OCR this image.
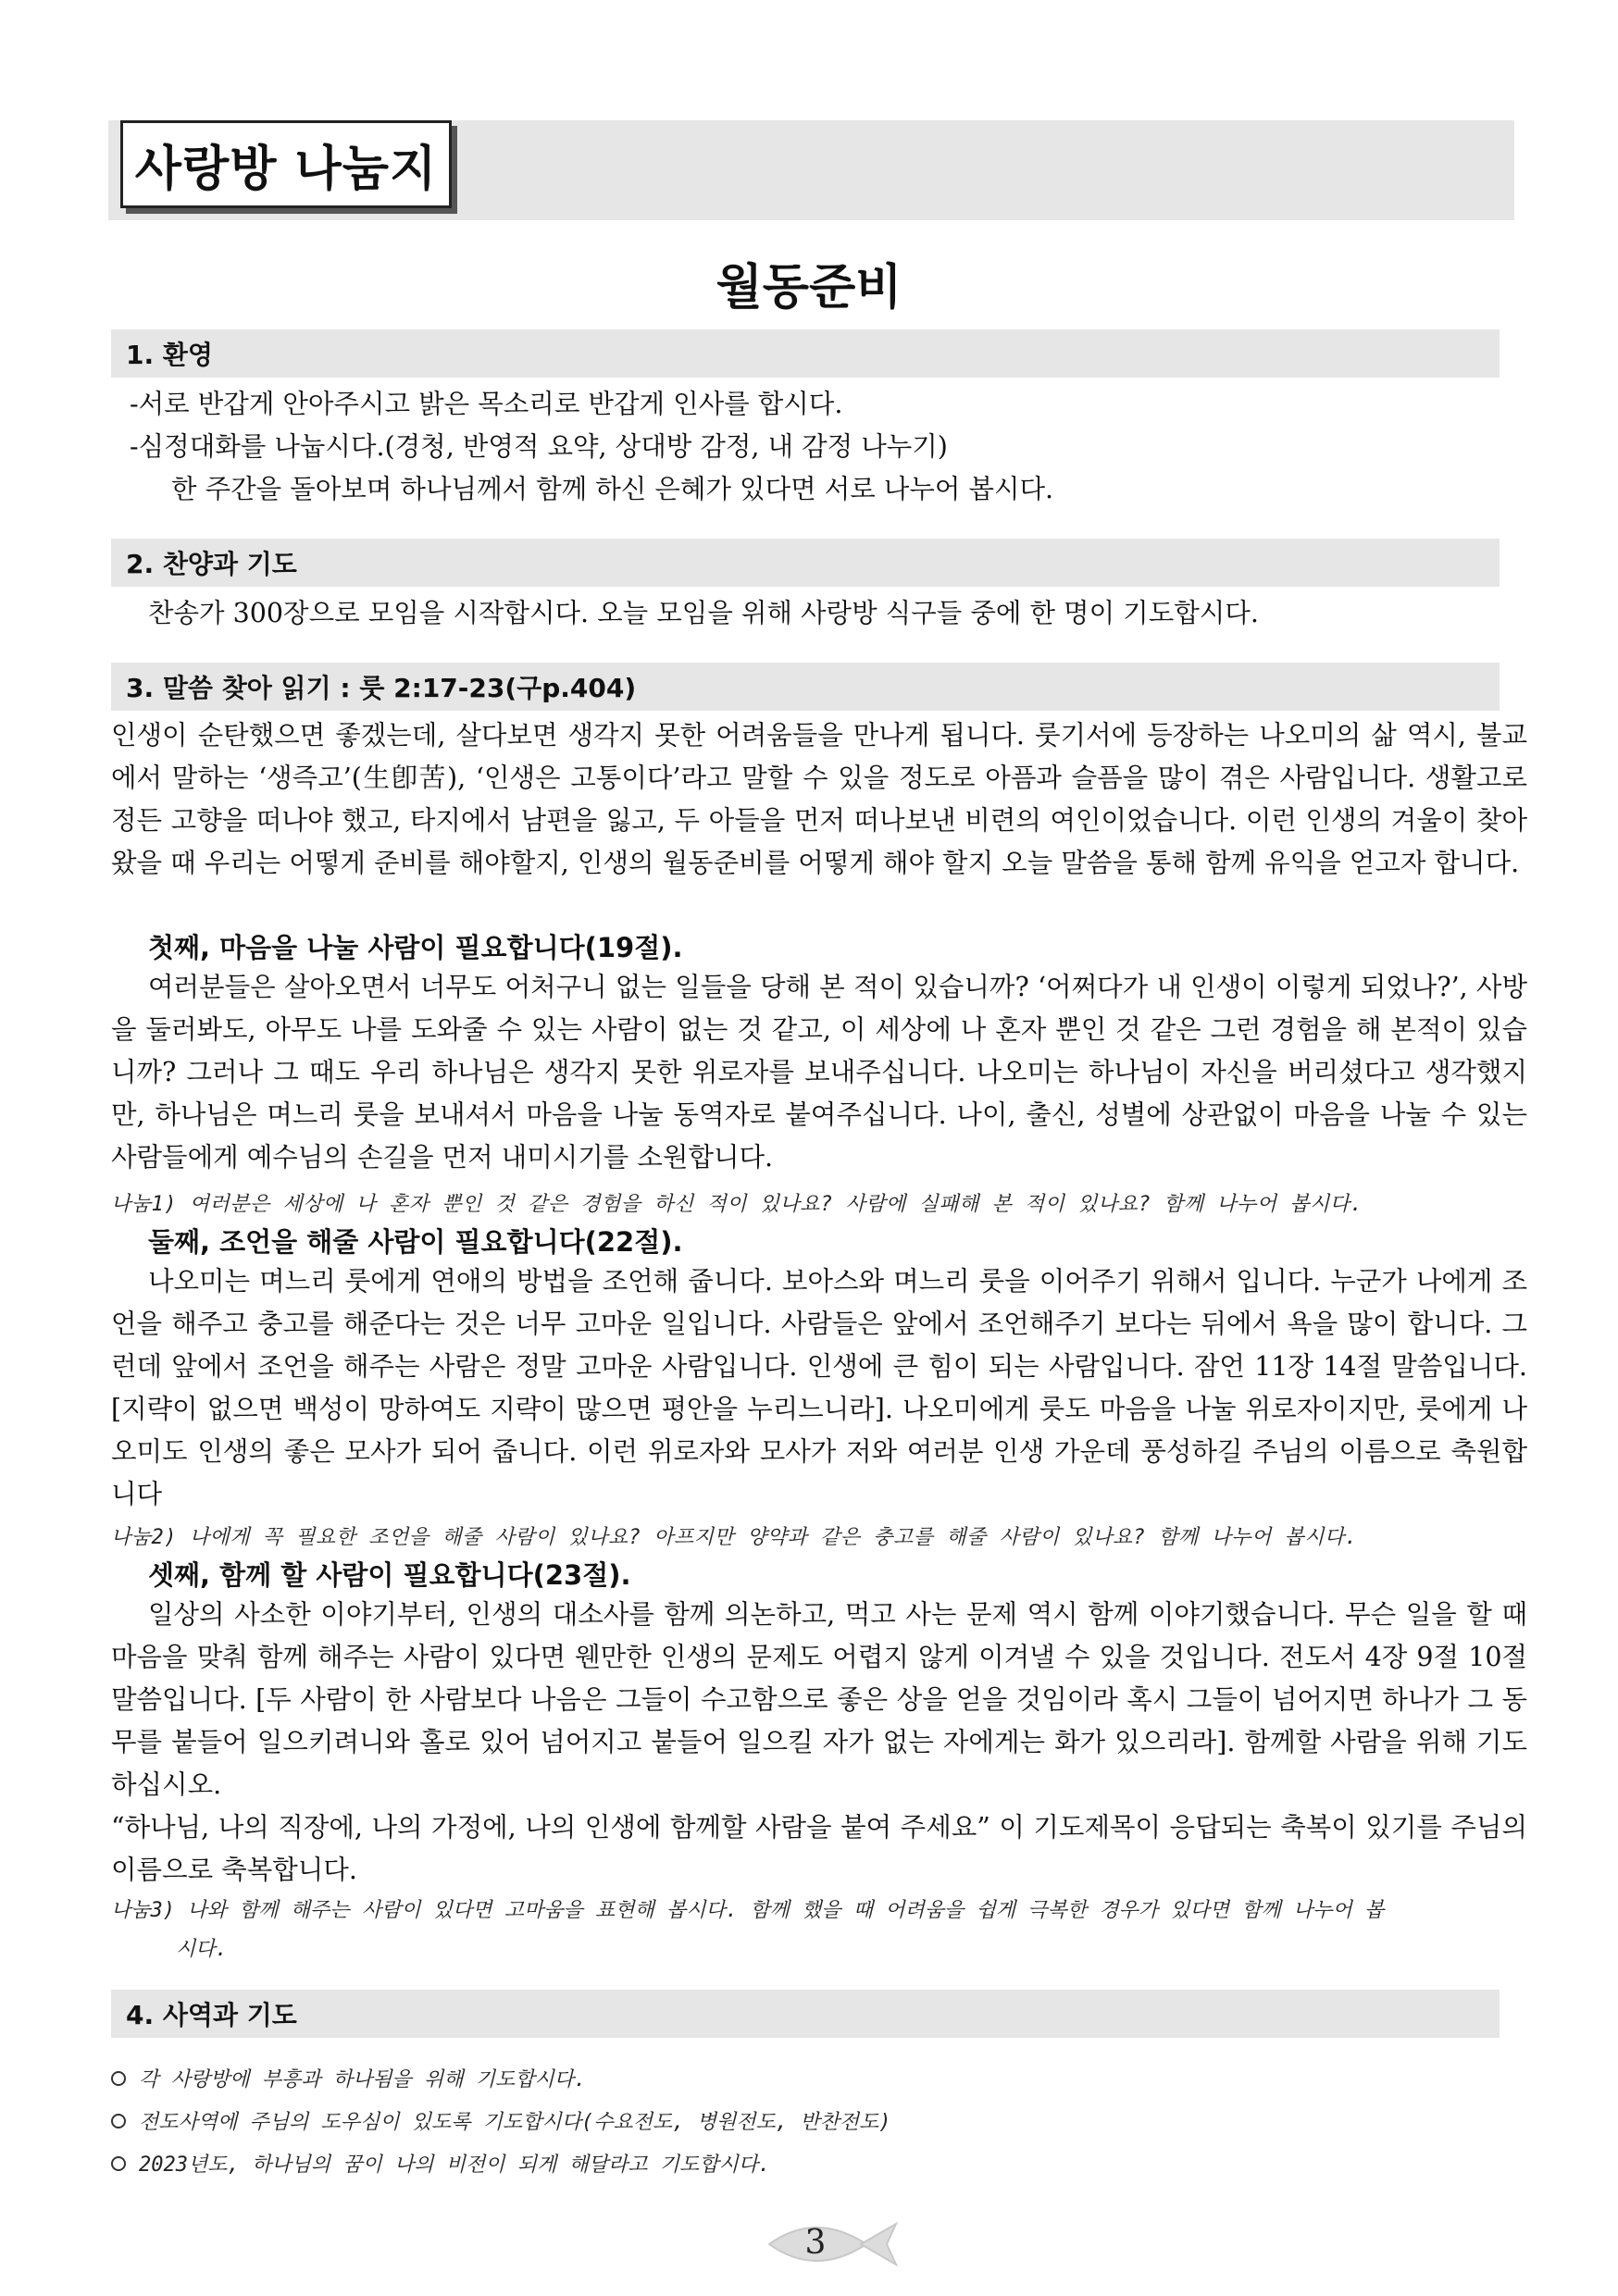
사랑방 나눔지
월동준비
1. 환영
-서로 반갑게 안아주시고 밝은 목소리로 반갑게 인사를 합시다.
-심정대화를 나눕시다.(경청, 반영적 요약, 상대방 감정, 내 감정 나누기)
한 주간을 돌아보며 하나님께서 함께 하신 은혜가 있다면 서로 나누어 봅시다.
2. 찬양과 기도
찬송가 300장으로 모임을 시작합시다. 오늘 모임을 위해 사랑방 식구들 중에 한 명이 기도합시다.
3. 말씀 찾아 읽기 : 룻 2:17-23(구p.404)

인생이 순탄했으면 좋겠는데, 살다보면 생각지 못한 어려움들을 만나게 됩니다. 룻기서에 등장하는 나오미의 삶 역시, 불교에서 말하는 ‘생즉고’(生卽苦), ‘인생은 고통이다’라고 말할 수 있을 정도로 아픔과 슬픔을 많이 겪은 사람입니다. 생활고로 정든 고향을 떠나야 했고, 타지에서 남편을 잃고, 두 아들을 먼저 떠나보낸 비련의 여인이었습니다. 이런 인생의 겨울이 찾아왔을 때 우리는 어떻게 준비를 해야할지, 인생의 월동준비를 어떻게 해야 할지 오늘 말씀을 통해 함께 유익을 얻고자 합니다.

첫째, 마음을 나눌 사람이 필요합니다(19절).

여러분들은 살아오면서 너무도 어처구니 없는 일들을 당해 본 적이 있습니까? ‘어쩌다가 내 인생이 이렇게 되었나?’, 사방을 둘러봐도, 아무도 나를 도와줄 수 있는 사람이 없는 것 같고, 이 세상에 나 혼자 뿐인 것 같은 그런 경험을 해 본적이 있습니까? 그러나 그 때도 우리 하나님은 생각지 못한 위로자를 보내주십니다. 나오미는 하나님이 자신을 버리셨다고 생각했지만, 하나님은 며느리 룻을 보내셔서 마음을 나눌 동역자로 붙여주십니다. 나이, 출신, 성별에 상관없이 마음을 나눌 수 있는 사람들에게 예수님의 손길을 먼저 내미시기를 소원합니다.

나눔1) 여러분은 세상에 나 혼자 뿐인 것 같은 경험을 하신 적이 있나요? 사람에 실패해 본 적이 있나요? 함께 나누어 봅시다.
둘째, 조언을 해줄 사람이 필요합니다(22절).

나오미는 며느리 룻에게 연애의 방법을 조언해 줍니다. 보아스와 며느리 룻을 이어주기 위해서 입니다. 누군가 나에게 조언을 해주고 충고를 해준다는 것은 너무 고마운 일입니다. 사람들은 앞에서 조언해주기 보다는 뒤에서 욕을 많이 합니다. 그런데 앞에서 조언을 해주는 사람은 정말 고마운 사람입니다. 인생에 큰 힘이 되는 사람입니다. 잠언 11장 14절 말씀입니다. [지략이 없으면 백성이 망하여도 지략이 많으면 평안을 누리느니라]. 나오미에게 룻도 마음을 나눌 위로자이지만, 룻에게 나오미도 인생의 좋은 모사가 되어 줍니다. 이런 위로자와 모사가 저와 여러분 인생 가운데 풍성하길 주님의 이름으로 축원합니다

나눔2) 나에게 꼭 필요한 조언을 해줄 사람이 있나요? 아프지만 양약과 같은 충고를 해줄 사람이 있나요? 함께 나누어 봅시다.
셋째, 함께 할 사람이 필요합니다(23절).

일상의 사소한 이야기부터, 인생의 대소사를 함께 의논하고, 먹고 사는 문제 역시 함께 이야기했습니다. 무슨 일을 할 때 마음을 맞춰 함께 해주는 사람이 있다면 웬만한 인생의 문제도 어렵지 않게 이겨낼 수 있을 것입니다. 전도서 4장 9절 10절 말씀입니다. [두 사람이 한 사람보다 나음은 그들이 수고함으로 좋은 상을 얻을 것임이라 혹시 그들이 넘어지면 하나가 그 동무를 붙들어 일으키려니와 홀로 있어 넘어지고 붙들어 일으킬 자가 없는 자에게는 화가 있으리라]. 함께할 사람을 위해 기도하십시오.

“하나님, 나의 직장에, 나의 가정에, 나의 인생에 함께할 사람을 붙여 주세요” 이 기도제목이 응답되는 축복이 있기를 주님의 이름으로 축복합니다.

나눔3) 나와 함께 해주는 사람이 있다면 고마움을 표현해 봅시다. 함께 했을 때 어려움을 쉽게 극복한 경우가 있다면 함께 나누어 봅
시다.
4. 사역과 기도
각 사랑방에 부흥과 하나됨을 위해 기도합시다.
전도사역에 주님의 도우심이 있도록 기도합시다(수요전도, 병원전도, 반찬전도)
2023년도, 하나님의 꿈이 나의 비전이 되게 해달라고 기도합시다.
3
